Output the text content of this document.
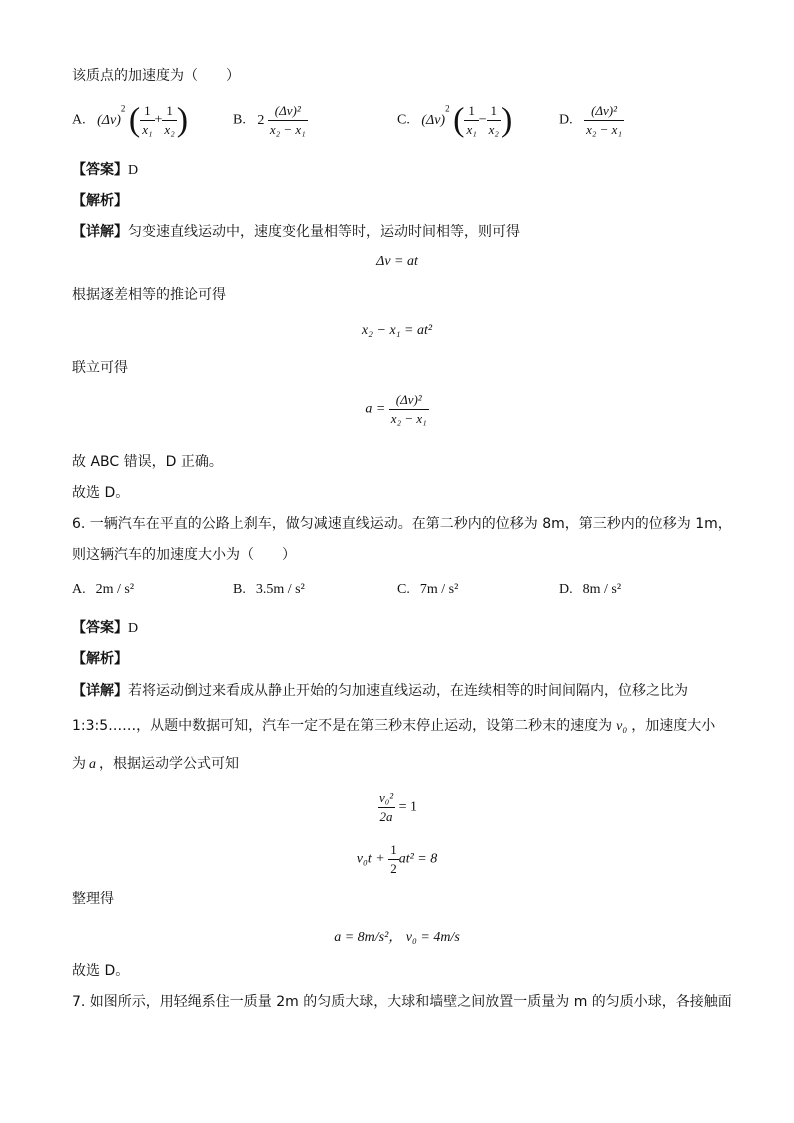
该质点的加速度为（　　）
A. $(\Delta v)^2$ ( $\frac{1}{\text{x₁}} + \frac{1}{\text{x₂}}$ )	B. $2 \frac{\text{(Δv)²}}{\text{x₂ − x₁}}$	C. $(\Delta v)^2$ ( $\frac{1}{\text{x₁}} - \frac{1}{\text{x₂}}$ )	D. $\frac{\text{(Δv)²}}{\text{x₂ − x₁}}$
【答案】D
【解析】
【详解】匀变速直线运动中，速度变化量相等时，运动时间相等，则可得
Δv = at
根据逐差相等的推论可得
x₂ − x₁ = at²
联立可得
$a = \frac{\text{(Δv)²}}{\text{x₂ − x₁}}$
故 ABC 错误，D 正确。
故选 D。
6. 一辆汽车在平直的公路上刹车，做匀减速直线运动。在第二秒内的位移为 8m，第三秒内的位移为 1m，
则这辆汽车的加速度大小为（　　）
A. 2m / s²	B. 3.5m / s²	C. 7m / s²	D. 8m / s²
【答案】D
【解析】
【详解】若将运动倒过来看成从静止开始的匀加速直线运动，在连续相等的时间间隔内，位移之比为
1:3:5……，从题中数据可知，汽车一定不是在第三秒末停止运动，设第二秒末的速度为 v₀ ，加速度大小
为 a ，根据运动学公式可知
$\frac{\text{v₀²}}{2a} = 1$
$v_0t + \frac{1}{2} at^2 = 8$
整理得
a = 8m/s²， v₀ = 4m/s
故选 D。
7. 如图所示，用轻绳系住一质量 2m 的匀质大球，大球和墙壁之间放置一质量为 m 的匀质小球，各接触面
